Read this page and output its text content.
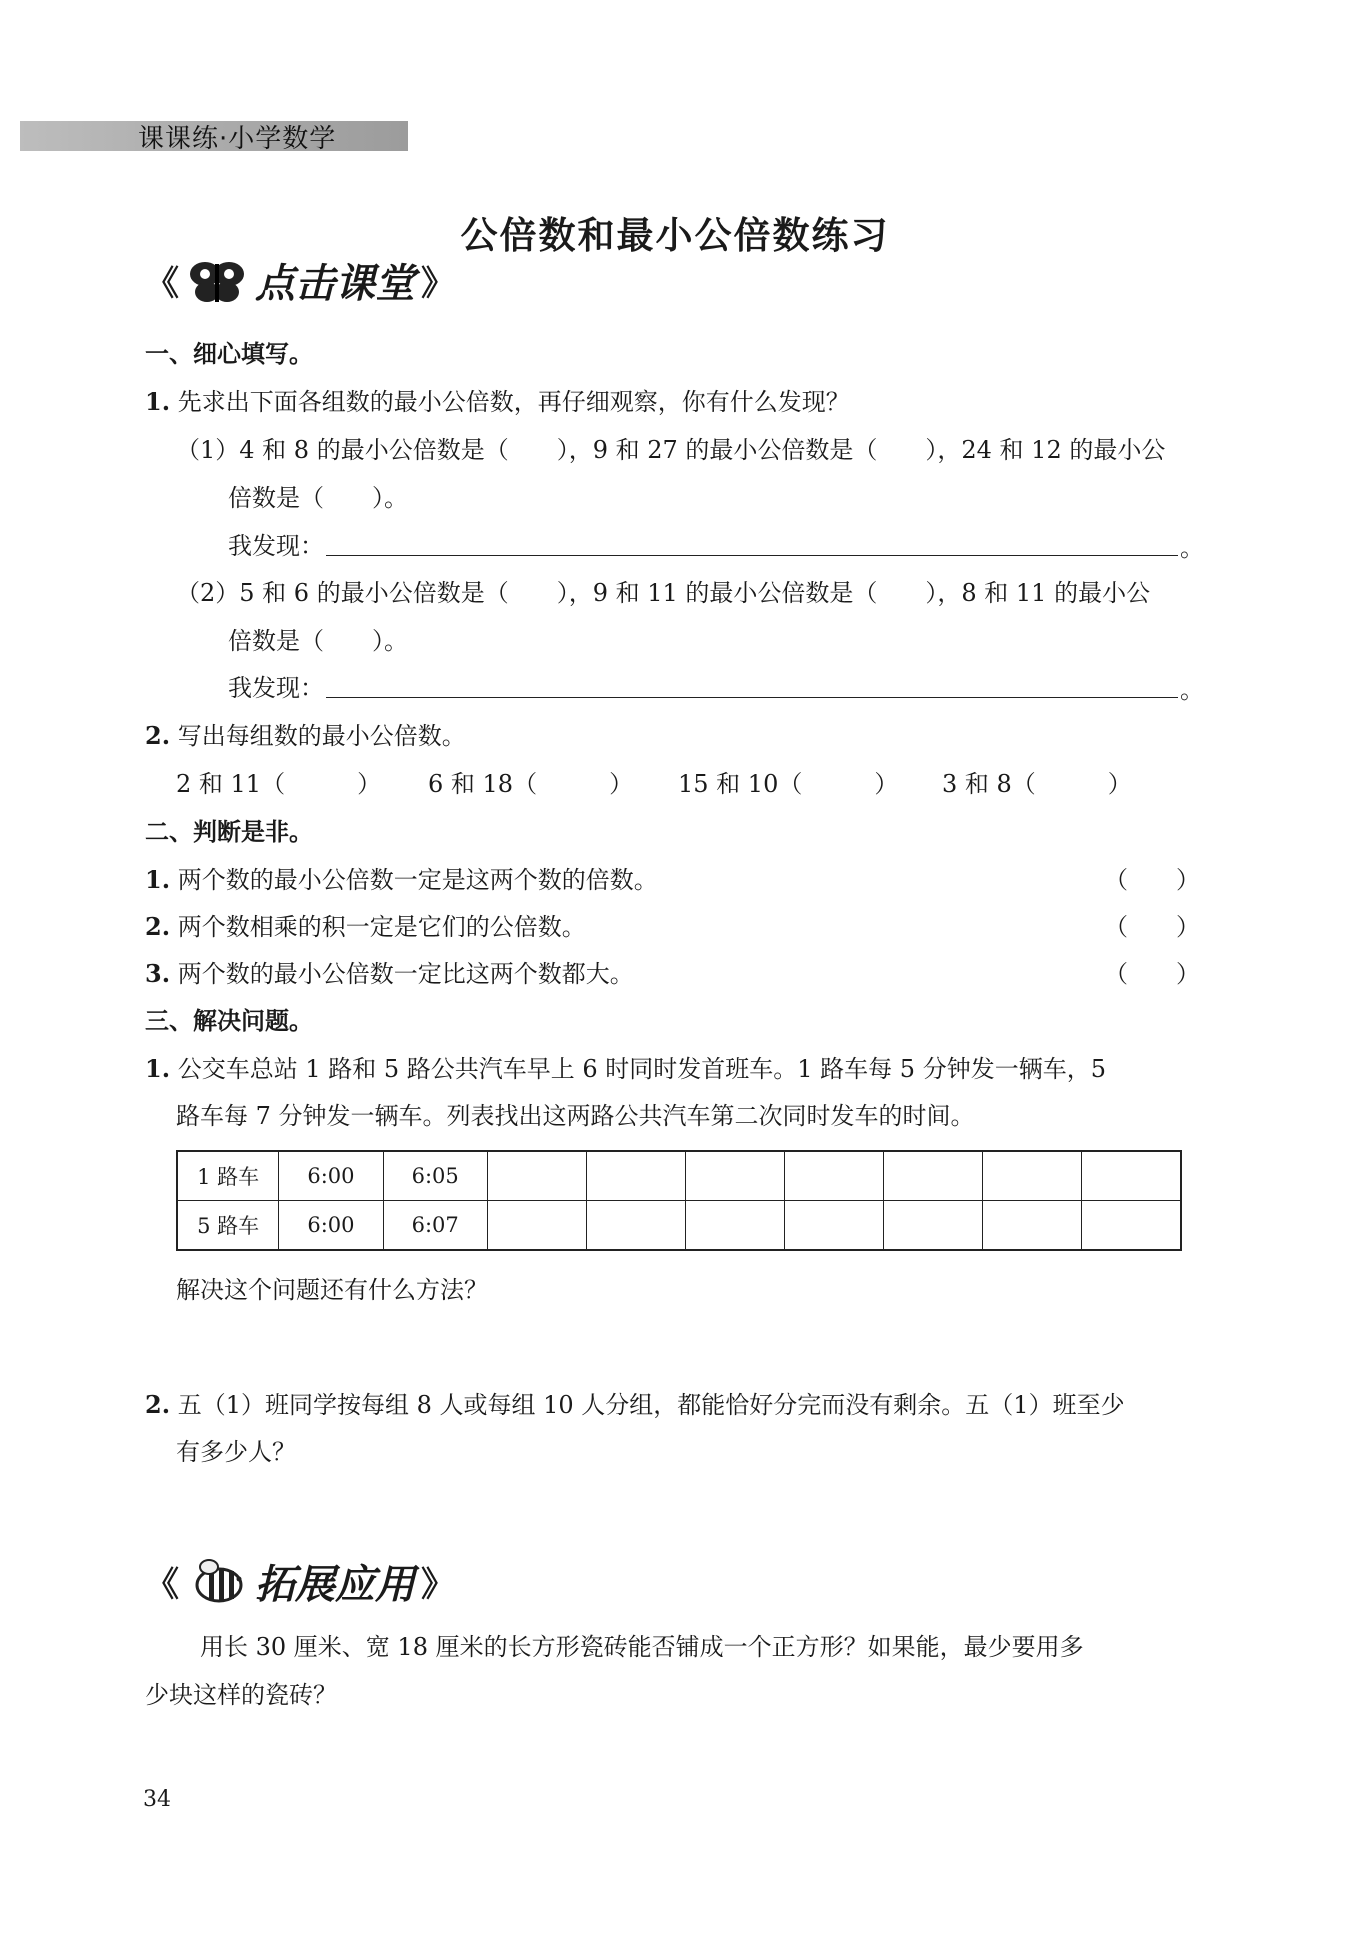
课课练·小学数学
公倍数和最小公倍数练习
《 点击课堂 》
一、细心填写。
1. 先求出下面各组数的最小公倍数，再仔细观察，你有什么发现？
（1）4 和 8 的最小公倍数是（　　），9 和 27 的最小公倍数是（　　），24 和 12 的最小公
倍数是（　　）。
我发现：	。
（2）5 和 6 的最小公倍数是（　　），9 和 11 的最小公倍数是（　　），8 和 11 的最小公
倍数是（　　）。
我发现：	。
2. 写出每组数的最小公倍数。
2 和 11（　　　） 6 和 18（　　　） 15 和 10（　　　） 3 和 8（　　　）
二、判断是非。
1. 两个数的最小公倍数一定是这两个数的倍数。	（　　）
2. 两个数相乘的积一定是它们的公倍数。	（　　）
3. 两个数的最小公倍数一定比这两个数都大。	（　　）
三、解决问题。
1. 公交车总站 1 路和 5 路公共汽车早上 6 时同时发首班车。1 路车每 5 分钟发一辆车，5
路车每 7 分钟发一辆车。列表找出这两路公共汽车第二次同时发车的时间。
1 路车	6:00	6:05							
5 路车	6:00	6:07							
解决这个问题还有什么方法？
2. 五（1）班同学按每组 8 人或每组 10 人分组，都能恰好分完而没有剩余。五（1）班至少
有多少人？
《 拓展应用 》
用长 30 厘米、宽 18 厘米的长方形瓷砖能否铺成一个正方形？如果能，最少要用多
少块这样的瓷砖？
34
